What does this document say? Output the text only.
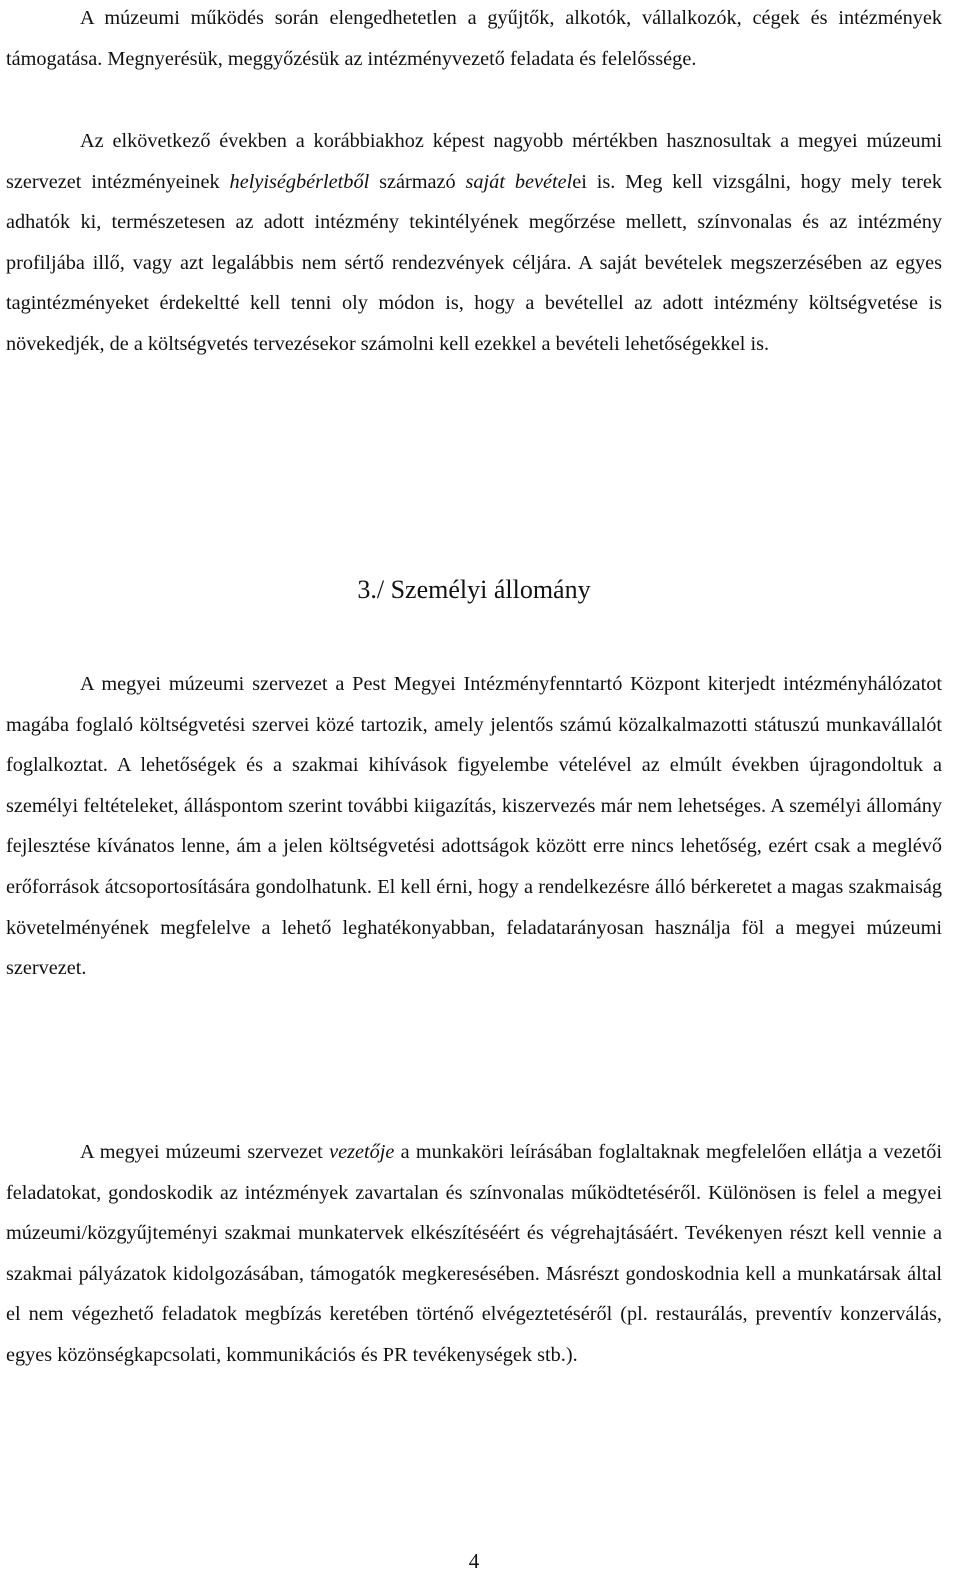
A múzeumi működés során elengedhetetlen a gyűjtők, alkotók, vállalkozók, cégek és intézmények támogatása. Megnyerésük, meggyőzésük az intézményvezető feladata és felelőssége.

Az elkövetkező években a korábbiakhoz képest nagyobb mértékben hasznosultak a megyei múzeumi szervezet intézményeinek helyiségbérletből származó saját bevételei is. Meg kell vizsgálni, hogy mely terek adhatók ki, természetesen az adott intézmény tekintélyének megőrzése mellett, színvonalas és az intézmény profiljába illő, vagy azt legalábbis nem sértő rendezvények céljára. A saját bevételek megszerzésében az egyes tagintézményeket érdekeltté kell tenni oly módon is, hogy a bevétellel az adott intézmény költségvetése is növekedjék, de a költségvetés tervezésekor számolni kell ezekkel a bevételi lehetőségekkel is.

3./ Személyi állomány

A megyei múzeumi szervezet a Pest Megyei Intézményfenntartó Központ kiterjedt intézményhálózatot magába foglaló költségvetési szervei közé tartozik, amely jelentős számú közalkalmazotti státuszú munkavállalót foglalkoztat. A lehetőségek és a szakmai kihívások figyelembe vételével az elmúlt években újragondoltuk a személyi feltételeket, álláspontom szerint további kiigazítás, kiszervezés már nem lehetséges. A személyi állomány fejlesztése kívánatos lenne, ám a jelen költségvetési adottságok között erre nincs lehetőség, ezért csak a meglévő erőforrások átcsoportosítására gondolhatunk. El kell érni, hogy a rendelkezésre álló bérkeretet a magas szakmaiság követelményének megfelelve a lehető leghatékonyabban, feladatarányosan használja föl a megyei múzeumi szervezet.

A megyei múzeumi szervezet vezetője a munkaköri leírásában foglaltaknak megfelelően ellátja a vezetői feladatokat, gondoskodik az intézmények zavartalan és színvonalas működtetéséről. Különösen is felel a megyei múzeumi/közgyűjteményi szakmai munkatervek elkészítéséért és végrehajtásáért. Tevékenyen részt kell vennie a szakmai pályázatok kidolgozásában, támogatók megkeresésében. Másrészt gondoskodnia kell a munkatársak által el nem végezhető feladatok megbízás keretében történő elvégeztetéséről (pl. restaurálás, preventív konzerválás, egyes közönségkapcsolati, kommunikációs és PR tevékenységek stb.).

4
